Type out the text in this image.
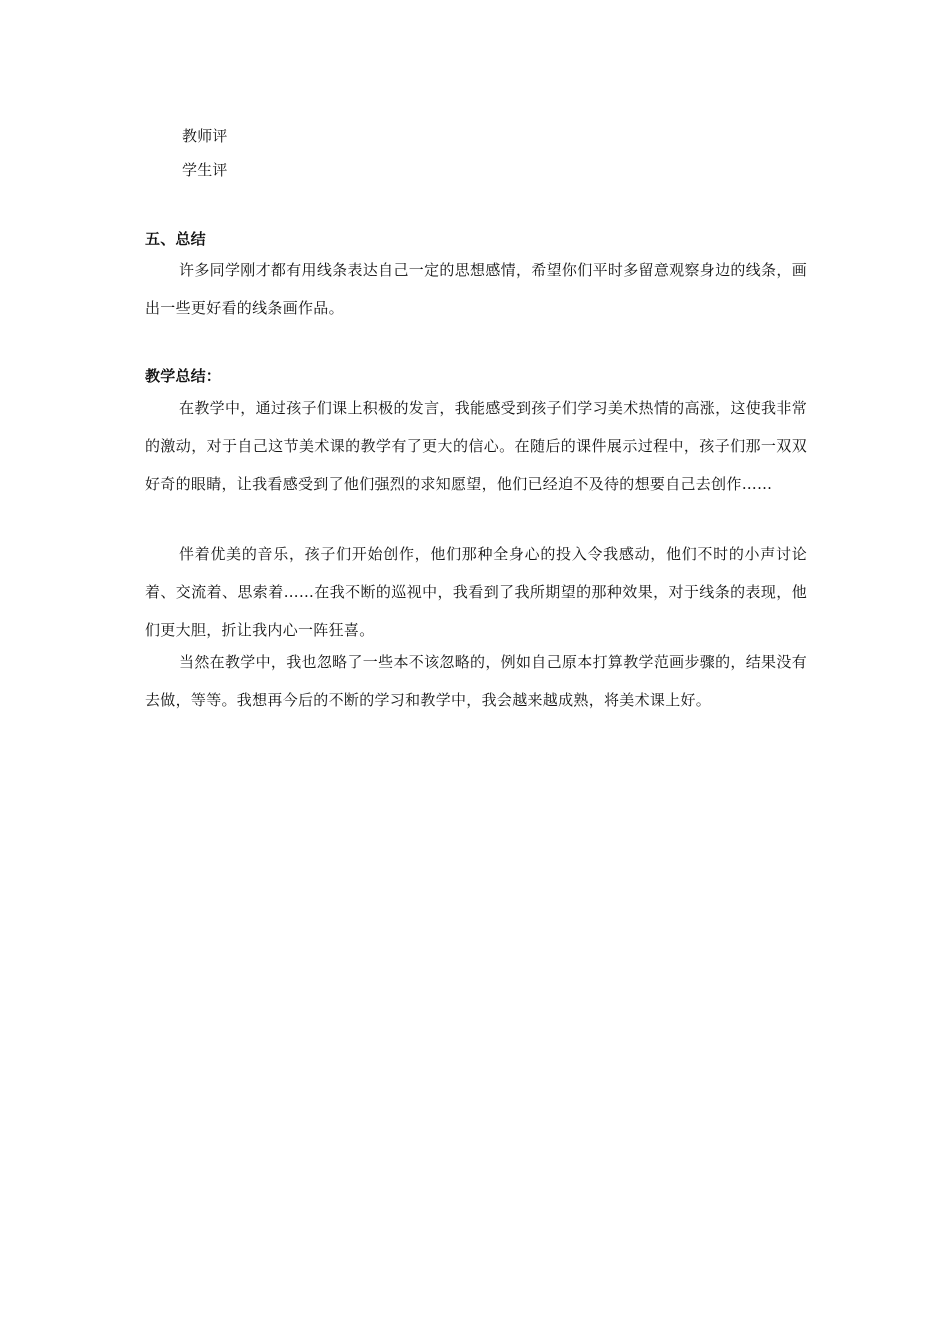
教师评
学生评
五、总结
许多同学刚才都有用线条表达自己一定的思想感情，希望你们平时多留意观察身边的线条，画出一些更好看的线条画作品。
教学总结：
在教学中，通过孩子们课上积极的发言，我能感受到孩子们学习美术热情的高涨，这使我非常的激动，对于自己这节美术课的教学有了更大的信心。在随后的课件展示过程中，孩子们那一双双好奇的眼睛，让我看感受到了他们强烈的求知愿望，他们已经迫不及待的想要自己去创作……
伴着优美的音乐，孩子们开始创作，他们那种全身心的投入令我感动，他们不时的小声讨论着、交流着、思索着……在我不断的巡视中，我看到了我所期望的那种效果，对于线条的表现，他们更大胆，折让我内心一阵狂喜。
当然在教学中，我也忽略了一些本不该忽略的，例如自己原本打算教学范画步骤的，结果没有去做，等等。我想再今后的不断的学习和教学中，我会越来越成熟，将美术课上好。
